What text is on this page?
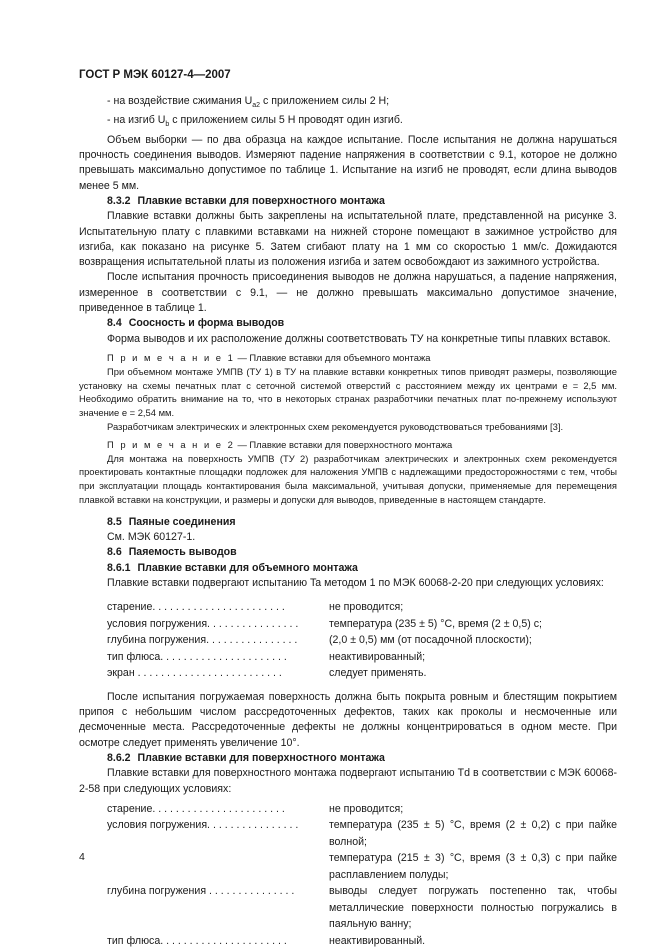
ГОСТ Р МЭК 60127-4—2007

- на воздействие сжимания $U_{a2}$ с приложением силы 2 Н;

- на изгиб $U_b$ с приложением силы 5 Н проводят один изгиб.

Объем выборки — по два образца на каждое испытание. После испытания не должна нарушаться прочность соединения выводов. Измеряют падение напряжения в соответствии с 9.1, которое не должно превышать максимально допустимое по таблице 1. Испытание на изгиб не проводят, если длина выводов менее 5 мм.

8.3.2 Плавкие вставки для поверхностного монтажа

Плавкие вставки должны быть закреплены на испытательной плате, представленной на рисунке 3. Испытательную плату с плавкими вставками на нижней стороне помещают в зажимное устройство для изгиба, как показано на рисунке 5. Затем сгибают плату на 1 мм со скоростью 1 мм/с. Дожидаются возвращения испытательной платы из положения изгиба и затем освобождают из зажимного устройства.

После испытания прочность присоединения выводов не должна нарушаться, а падение напряжения, измеренное в соответствии с 9.1, — не должно превышать максимально допустимое значение, приведенное в таблице 1.

8.4 Соосность и форма выводов

Форма выводов и их расположение должны соответствовать ТУ на конкретные типы плавких вставок.

П р и м е ч а н и е 1 — Плавкие вставки для объемного монтажа

При объемном монтаже УМПВ (ТУ 1) в ТУ на плавкие вставки конкретных типов приводят размеры, позволяющие установку на схемы печатных плат с сеточной системой отверстий с расстоянием между их центрами e = 2,5 мм. Необходимо обратить внимание на то, что в некоторых странах разработчики печатных плат по-прежнему используют значение e = 2,54 мм.

Разработчикам электрических и электронных схем рекомендуется руководствоваться требованиями [3].

П р и м е ч а н и е 2 — Плавкие вставки для поверхностного монтажа

Для монтажа на поверхность УМПВ (ТУ 2) разработчикам электрических и электронных схем рекомендуется проектировать контактные площадки подложек для наложения УМПВ с надлежащими предосторожностями с тем, чтобы при эксплуатации площадь контактирования была максимальной, учитывая допуски, применяемые для перемещения плавкой вставки на конструкции, и размеры и допуски для выводов, приведенные в настоящем стандарте.

8.5 Паяные соединения

См. МЭК 60127-1.

8.6 Паяемость выводов

8.6.1 Плавкие вставки для объемного монтажа

Плавкие вставки подвергают испытанию Ta методом 1 по МЭК 60068-2-20 при следующих условиях:

старение. . . . . . . . . . . . . . . . . . . . . . .	не проводится;
условия погружения. . . . . . . . . . . . . . . .	температура (235 ± 5) °С, время (2 ± 0,5) с;
глубина погружения. . . . . . . . . . . . . . . .	(2,0 ± 0,5) мм (от посадочной плоскости);
тип флюса. . . . . . . . . . . . . . . . . . . . . .	неактивированный;
экран . . . . . . . . . . . . . . . . . . . . . . . . .	следует применять.

После испытания погружаемая поверхность должна быть покрыта ровным и блестящим покрытием припоя с небольшим числом рассредоточенных дефектов, таких как проколы и несмоченные или десмоченные места. Рассредоточенные дефекты не должны концентрироваться в одном месте. При осмотре следует применять увеличение 10°.

8.6.2 Плавкие вставки для поверхностного монтажа

Плавкие вставки для поверхностного монтажа подвергают испытанию Td в соответствии с МЭК 60068-2-58 при следующих условиях:

старение. . . . . . . . . . . . . . . . . . . . . . .	не проводится;
условия погружения. . . . . . . . . . . . . . . .	температура (235 ± 5) °С, время (2 ± 0,2) с при пайке волной;
температура (215 ± 3) °С, время (3 ± 0,3) с при пайке расплавлением полуды;

глубина погружения . . . . . . . . . . . . . . .	выводы следует погружать постепенно так, чтобы металлические поверхности полностью погружались в паяльную ванну;
тип флюса. . . . . . . . . . . . . . . . . . . . . .	неактивированный.
4
